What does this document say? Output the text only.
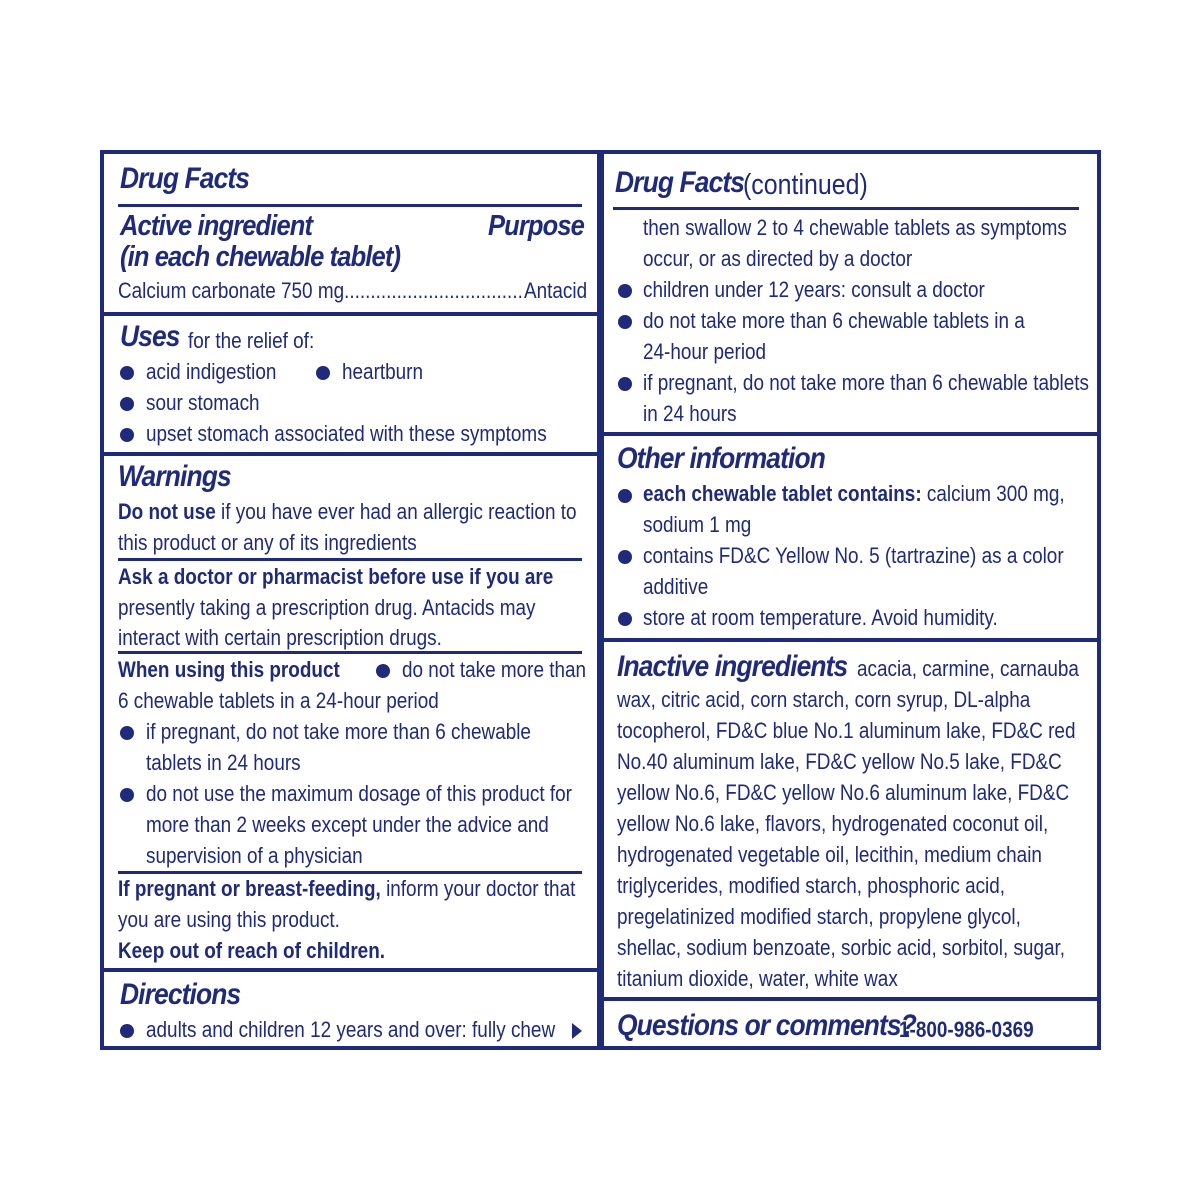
Drug Facts
Active ingredient	Purpose
(in each chewable tablet)
Calcium carbonate 750 mg.................................. Antacid
Uses for the relief of:
acid indigestion	heartburn
sour stomach
upset stomach associated with these symptoms
Warnings
Do not use if you have ever had an allergic reaction to
this product or any of its ingredients
Ask a doctor or pharmacist before use if you are
presently taking a prescription drug. Antacids may
interact with certain prescription drugs.
When using this product	do not take more than
6 chewable tablets in a 24-hour period
if pregnant, do not take more than 6 chewable
tablets in 24 hours
do not use the maximum dosage of this product for
more than 2 weeks except under the advice and
supervision of a physician
If pregnant or breast-feeding, inform your doctor that
you are using this product.
Keep out of reach of children.
Directions
adults and children 12 years and over: fully chew
Drug Facts
(continued)
then swallow 2 to 4 chewable tablets as symptoms
occur, or as directed by a doctor
children under 12 years: consult a doctor
do not take more than 6 chewable tablets in a
24-hour period
if pregnant, do not take more than 6 chewable tablets
in 24 hours
Other information
each chewable tablet contains: calcium 300 mg,
sodium 1 mg
contains FD&C Yellow No. 5 (tartrazine) as a color
additive
store at room temperature. Avoid humidity.
Inactive ingredients acacia, carmine, carnauba
wax, citric acid, corn starch, corn syrup, DL-alpha
tocopherol, FD&C blue No.1 aluminum lake, FD&C red
No.40 aluminum lake, FD&C yellow No.5 lake, FD&C
yellow No.6, FD&C yellow No.6 aluminum lake, FD&C
yellow No.6 lake, flavors, hydrogenated coconut oil,
hydrogenated vegetable oil, lecithin, medium chain
triglycerides, modified starch, phosphoric acid,
pregelatinized modified starch, propylene glycol,
shellac, sodium benzoate, sorbic acid, sorbitol, sugar,
titanium dioxide, water, white wax
Questions or comments?
1-800-986-0369
